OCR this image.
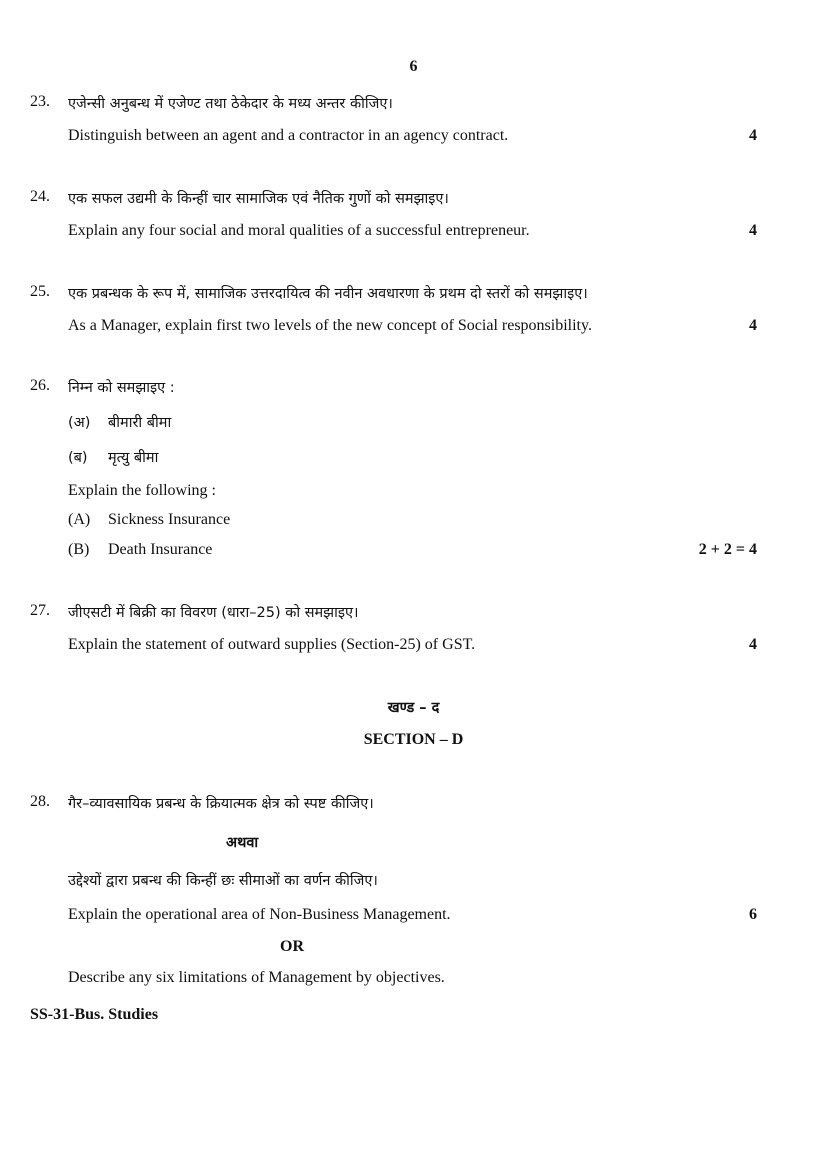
6
23. एजेन्सी अनुबन्ध में एजेण्ट तथा ठेकेदार के मध्य अन्तर कीजिए।
Distinguish between an agent and a contractor in an agency contract.	4
24. एक सफल उद्यमी के किन्हीं चार सामाजिक एवं नैतिक गुणों को समझाइए।
Explain any four social and moral qualities of a successful entrepreneur.	4
25. एक प्रबन्धक के रूप में, सामाजिक उत्तरदायित्व की नवीन अवधारणा के प्रथम दो स्तरों को समझाइए।
As a Manager, explain first two levels of the new concept of Social responsibility.	4
26. निम्न को समझाइए :
(अ) बीमारी बीमा
(ब) मृत्यु बीमा
Explain the following :
(A) Sickness Insurance
(B) Death Insurance	2 + 2 = 4
27. जीएसटी में बिक्री का विवरण (धारा–25) को समझाइए।
Explain the statement of outward supplies (Section-25) of GST.	4
खण्ड – द
SECTION – D
28. गैर–व्यावसायिक प्रबन्ध के क्रियात्मक क्षेत्र को स्पष्ट कीजिए।
अथवा
उद्देश्यों द्वारा प्रबन्ध की किन्हीं छः सीमाओं का वर्णन कीजिए।
Explain the operational area of Non-Business Management.	6
OR
Describe any six limitations of Management by objectives.
SS-31-Bus. Studies
